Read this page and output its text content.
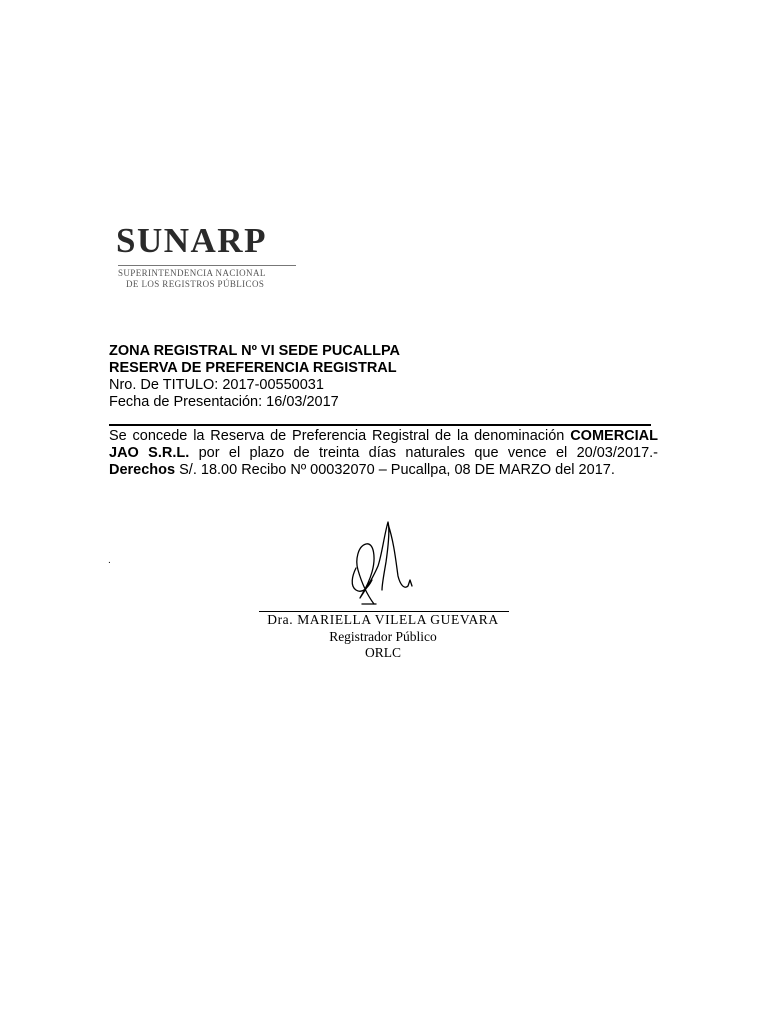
SUNARP
SUPERINTENDENCIA NACIONAL
DE LOS REGISTROS PÚBLICOS
ZONA REGISTRAL Nº VI SEDE PUCALLPA
RESERVA DE PREFERENCIA REGISTRAL
Nro. De TITULO: 2017-00550031
Fecha de Presentación: 16/03/2017

Se concede la Reserva de Preferencia Registral de la denominación COMERCIAL JAO S.R.L. por el plazo de treinta días naturales que vence el 20/03/2017.- Derechos S/. 18.00 Recibo Nº 00032070 – Pucallpa, 08 DE MARZO del 2017.

.
Dra. MARIELLA VILELA GUEVARA
Registrador Público
ORLC
